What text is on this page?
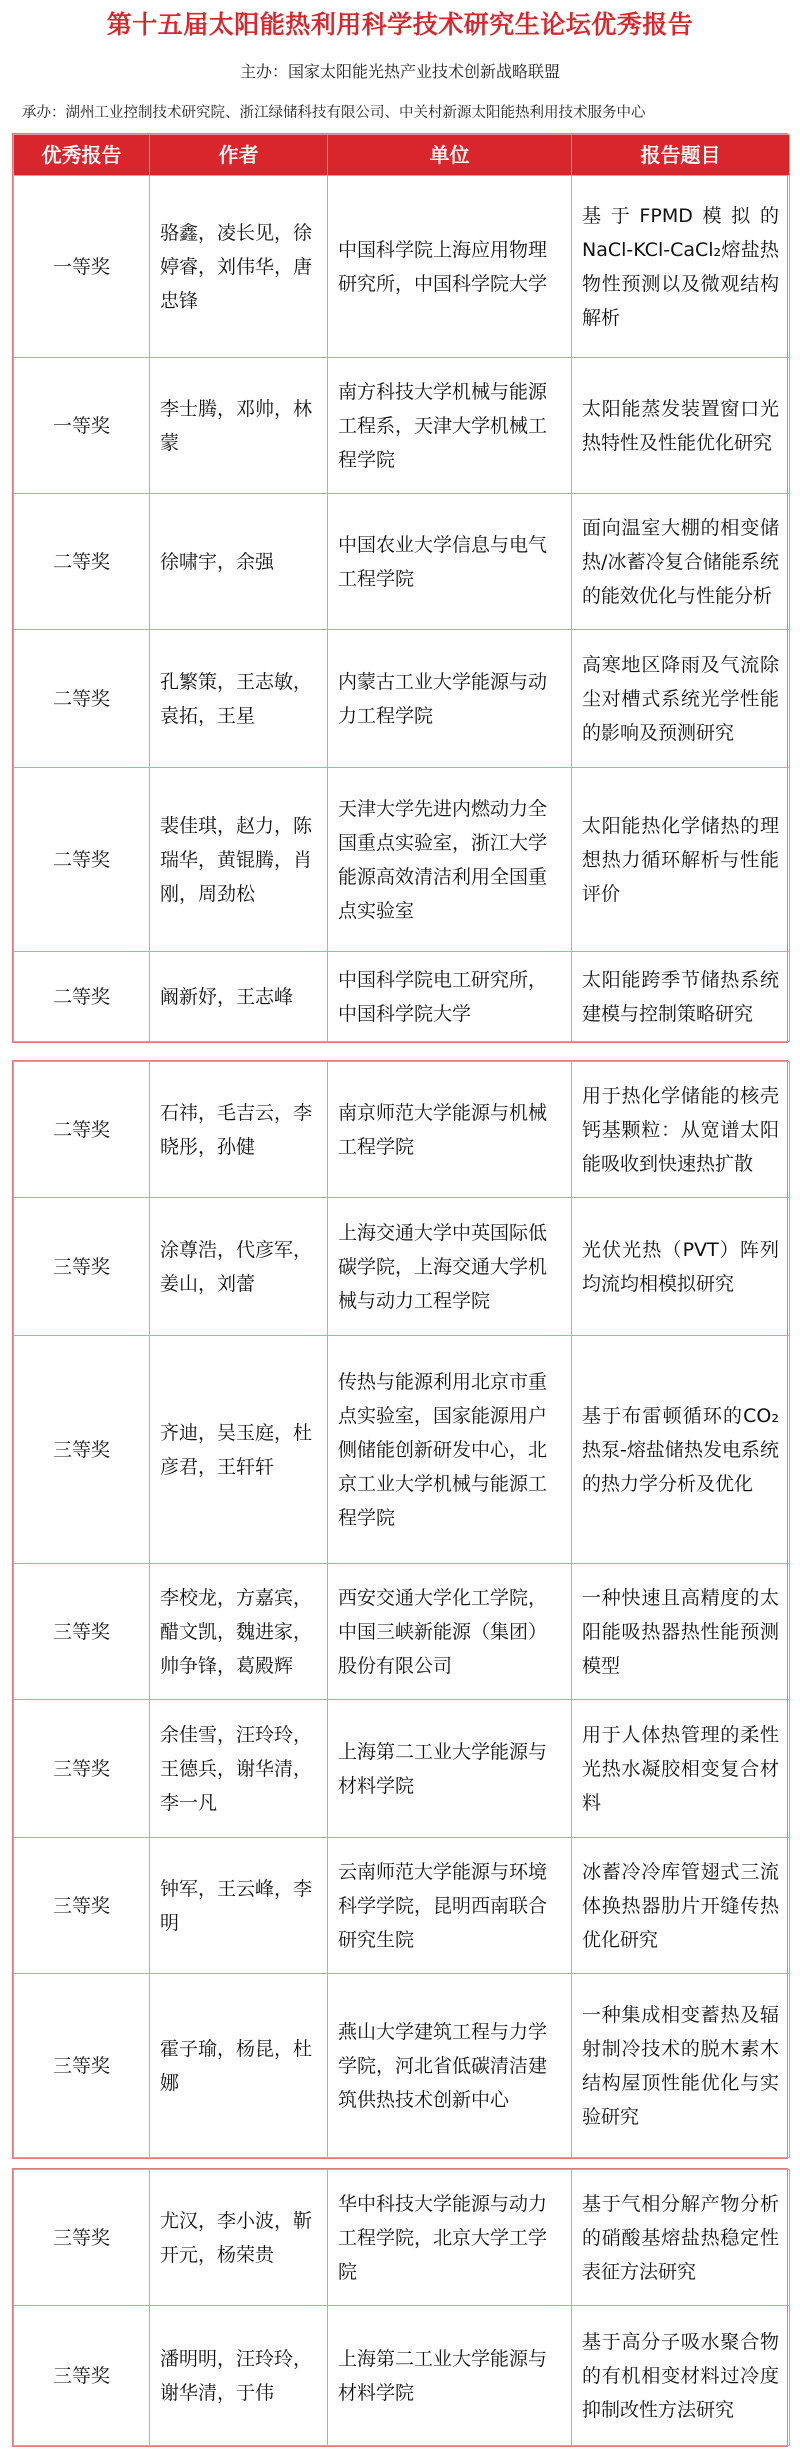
第十五届太阳能热利用科学技术研究生论坛优秀报告
主办：国家太阳能光热产业技术创新战略联盟
承办：湖州工业控制技术研究院、浙江绿储科技有限公司、中关村新源太阳能热利用技术服务中心
优秀报告	作者	单位	报告题目
一等奖	骆鑫，凌长见，徐婷睿，刘伟华，唐忠锋	中国科学院上海应用物理研究所，中国科学院大学	基于FPMD模拟的NaCl-KCl-CaCl₂熔盐热物性预测以及微观结构解析
一等奖	李士腾，邓帅，林蒙	南方科技大学机械与能源工程系，天津大学机械工程学院	太阳能蒸发装置窗口光热特性及性能优化研究
二等奖	徐啸宇，余强	中国农业大学信息与电气工程学院	面向温室大棚的相变储热/冰蓄冷复合储能系统的能效优化与性能分析
二等奖	孔繁策，王志敏，袁拓，王星	内蒙古工业大学能源与动力工程学院	高寒地区降雨及气流除尘对槽式系统光学性能的影响及预测研究
二等奖	裴佳琪，赵力，陈瑞华，黄锟腾，肖刚，周劲松	天津大学先进内燃动力全国重点实验室，浙江大学能源高效清洁利用全国重点实验室	太阳能热化学储热的理想热力循环解析与性能评价
二等奖	阚新妤，王志峰	中国科学院电工研究所，中国科学院大学	太阳能跨季节储热系统建模与控制策略研究
二等奖	石祎，毛吉云，李晓彤，孙健	南京师范大学能源与机械工程学院	用于热化学储能的核壳钙基颗粒：从宽谱太阳能吸收到快速热扩散
三等奖	涂尊浩，代彦军，姜山，刘蕾	上海交通大学中英国际低碳学院，上海交通大学机械与动力工程学院	光伏光热（PVT）阵列均流均相模拟研究
三等奖	齐迪，吴玉庭，杜彦君，王轩轩	传热与能源利用北京市重点实验室，国家能源用户侧储能创新研发中心，北京工业大学机械与能源工程学院	基于布雷顿循环的CO₂热泵-熔盐储热发电系统的热力学分析及优化
三等奖	李校龙，方嘉宾，醋文凯，魏进家，帅争锋，葛殿辉	西安交通大学化工学院，中国三峡新能源（集团）股份有限公司	一种快速且高精度的太阳能吸热器热性能预测模型
三等奖	余佳雪，汪玲玲，王德兵，谢华清，李一凡	上海第二工业大学能源与材料学院	用于人体热管理的柔性光热水凝胶相变复合材料
三等奖	钟军，王云峰，李明	云南师范大学能源与环境科学学院，昆明西南联合研究生院	冰蓄冷冷库管翅式三流体换热器肋片开缝传热优化研究
三等奖	霍子瑜，杨昆，杜娜	燕山大学建筑工程与力学学院，河北省低碳清洁建筑供热技术创新中心	一种集成相变蓄热及辐射制冷技术的脱木素木结构屋顶性能优化与实验研究
三等奖	尤汉，李小波，靳开元，杨荣贵	华中科技大学能源与动力工程学院，北京大学工学院	基于气相分解产物分析的硝酸基熔盐热稳定性表征方法研究
三等奖	潘明明，汪玲玲，谢华清，于伟	上海第二工业大学能源与材料学院	基于高分子吸水聚合物的有机相变材料过冷度抑制改性方法研究
